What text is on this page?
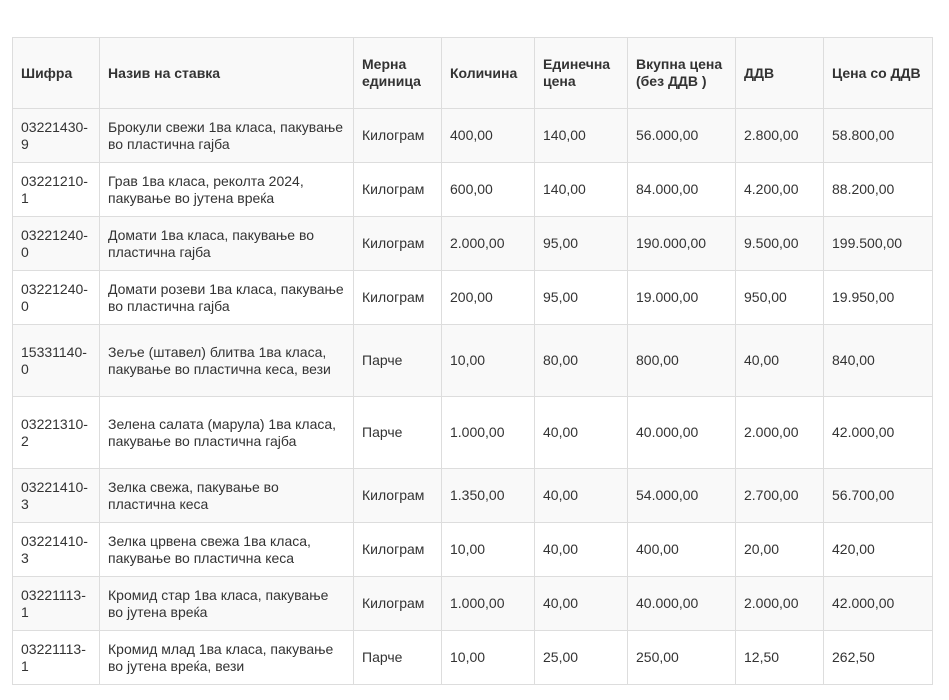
Шифра	Назив на ставка	Мерна единица	Количина	Единечна цена	Вкупна цена (без ДДВ )	ДДВ	Цена со ДДВ
03221430-9	Брокули свежи 1ва класа, пакување во пластична гајба	Килограм	400,00	140,00	56.000,00	2.800,00	58.800,00
03221210-1	Грав 1ва класа, реколта 2024, пакување во јутена вреќа	Килограм	600,00	140,00	84.000,00	4.200,00	88.200,00
03221240-0	Домати 1ва класа, пакување во пластична гајба	Килограм	2.000,00	95,00	190.000,00	9.500,00	199.500,00
03221240-0	Домати розеви 1ва класа, пакување во пластична гајба	Килограм	200,00	95,00	19.000,00	950,00	19.950,00
15331140-0	Зеље (штавел) блитва 1ва класа, пакување во пластична кеса, вези	Парче	10,00	80,00	800,00	40,00	840,00
03221310-2	Зелена салата (марула) 1ва класа, пакување во пластична гајба	Парче	1.000,00	40,00	40.000,00	2.000,00	42.000,00
03221410-3	Зелка свежа, пакување во пластична кеса	Килограм	1.350,00	40,00	54.000,00	2.700,00	56.700,00
03221410-3	Зелка црвена свежа 1ва класа, пакување во пластична кеса	Килограм	10,00	40,00	400,00	20,00	420,00
03221113-1	Кромид стар 1ва класа, пакување во јутена вреќа	Килограм	1.000,00	40,00	40.000,00	2.000,00	42.000,00
03221113-1	Кромид млад 1ва класа, пакување во јутена вреќа, вези	Парче	10,00	25,00	250,00	12,50	262,50
